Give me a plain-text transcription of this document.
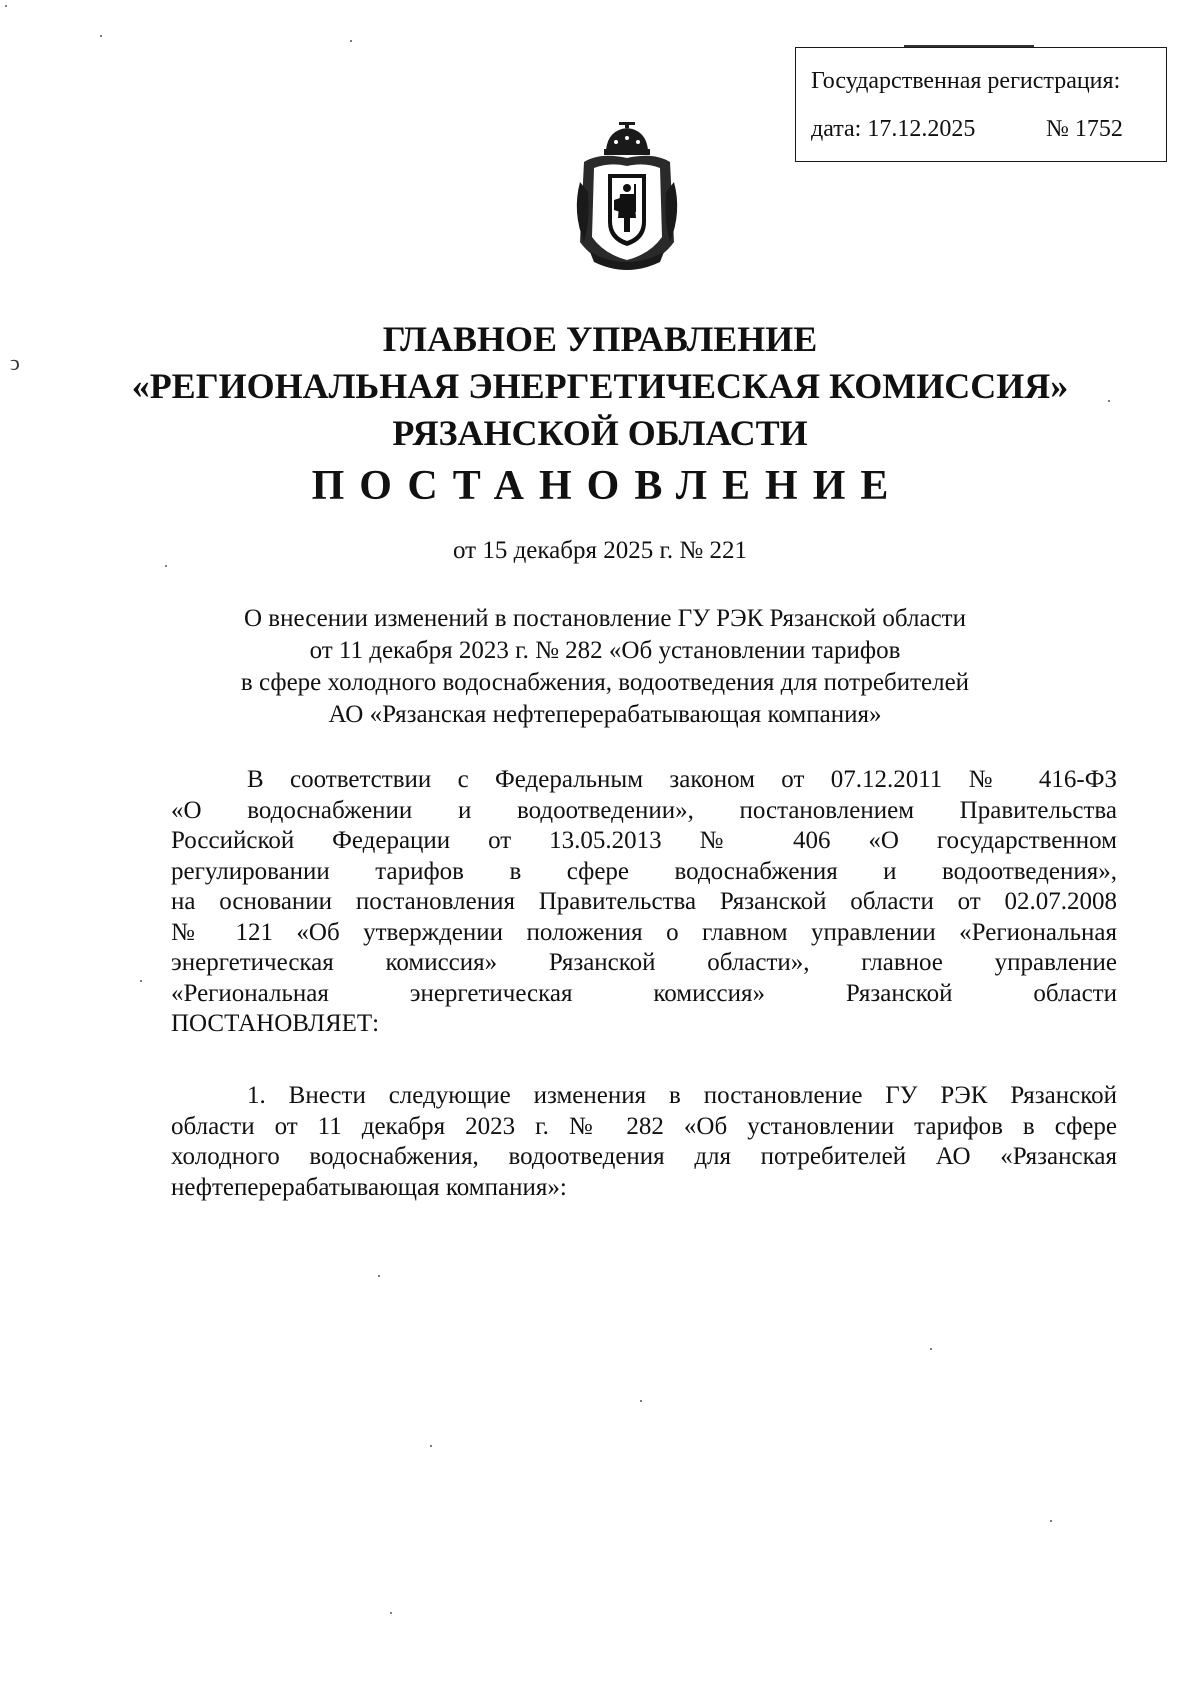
ↄ
Государственная регистрация:
дата: 17.12.2025	№ 1752
ГЛАВНОЕ УПРАВЛЕНИЕ
«РЕГИОНАЛЬНАЯ ЭНЕРГЕТИЧЕСКАЯ КОМИССИЯ»
РЯЗАНСКОЙ ОБЛАСТИ
ПОСТАНОВЛЕНИЕ
от 15 декабря 2025 г. № 221
О внесении изменений в постановление ГУ РЭК Рязанской области
от 11 декабря 2023 г. № 282 «Об установлении тарифов
в сфере холодного водоснабжения, водоотведения для потребителей
АО «Рязанская нефтеперерабатывающая компания»
В соответствии с Федеральным законом от 07.12.2011 № 416-ФЗ
«О водоснабжении и водоотведении», постановлением Правительства
Российской Федерации от 13.05.2013 № 406 «О государственном
регулировании тарифов в сфере водоснабжения и водоотведения»,
на основании постановления Правительства Рязанской области от 02.07.2008
№ 121 «Об утверждении положения о главном управлении «Региональная
энергетическая комиссия» Рязанской области», главное управление
«Региональная энергетическая комиссия» Рязанской области
ПОСТАНОВЛЯЕТ:
1. Внести следующие изменения в постановление ГУ РЭК Рязанской
области от 11 декабря 2023 г. № 282 «Об установлении тарифов в сфере
холодного водоснабжения, водоотведения для потребителей АО «Рязанская
нефтеперерабатывающая компания»:
